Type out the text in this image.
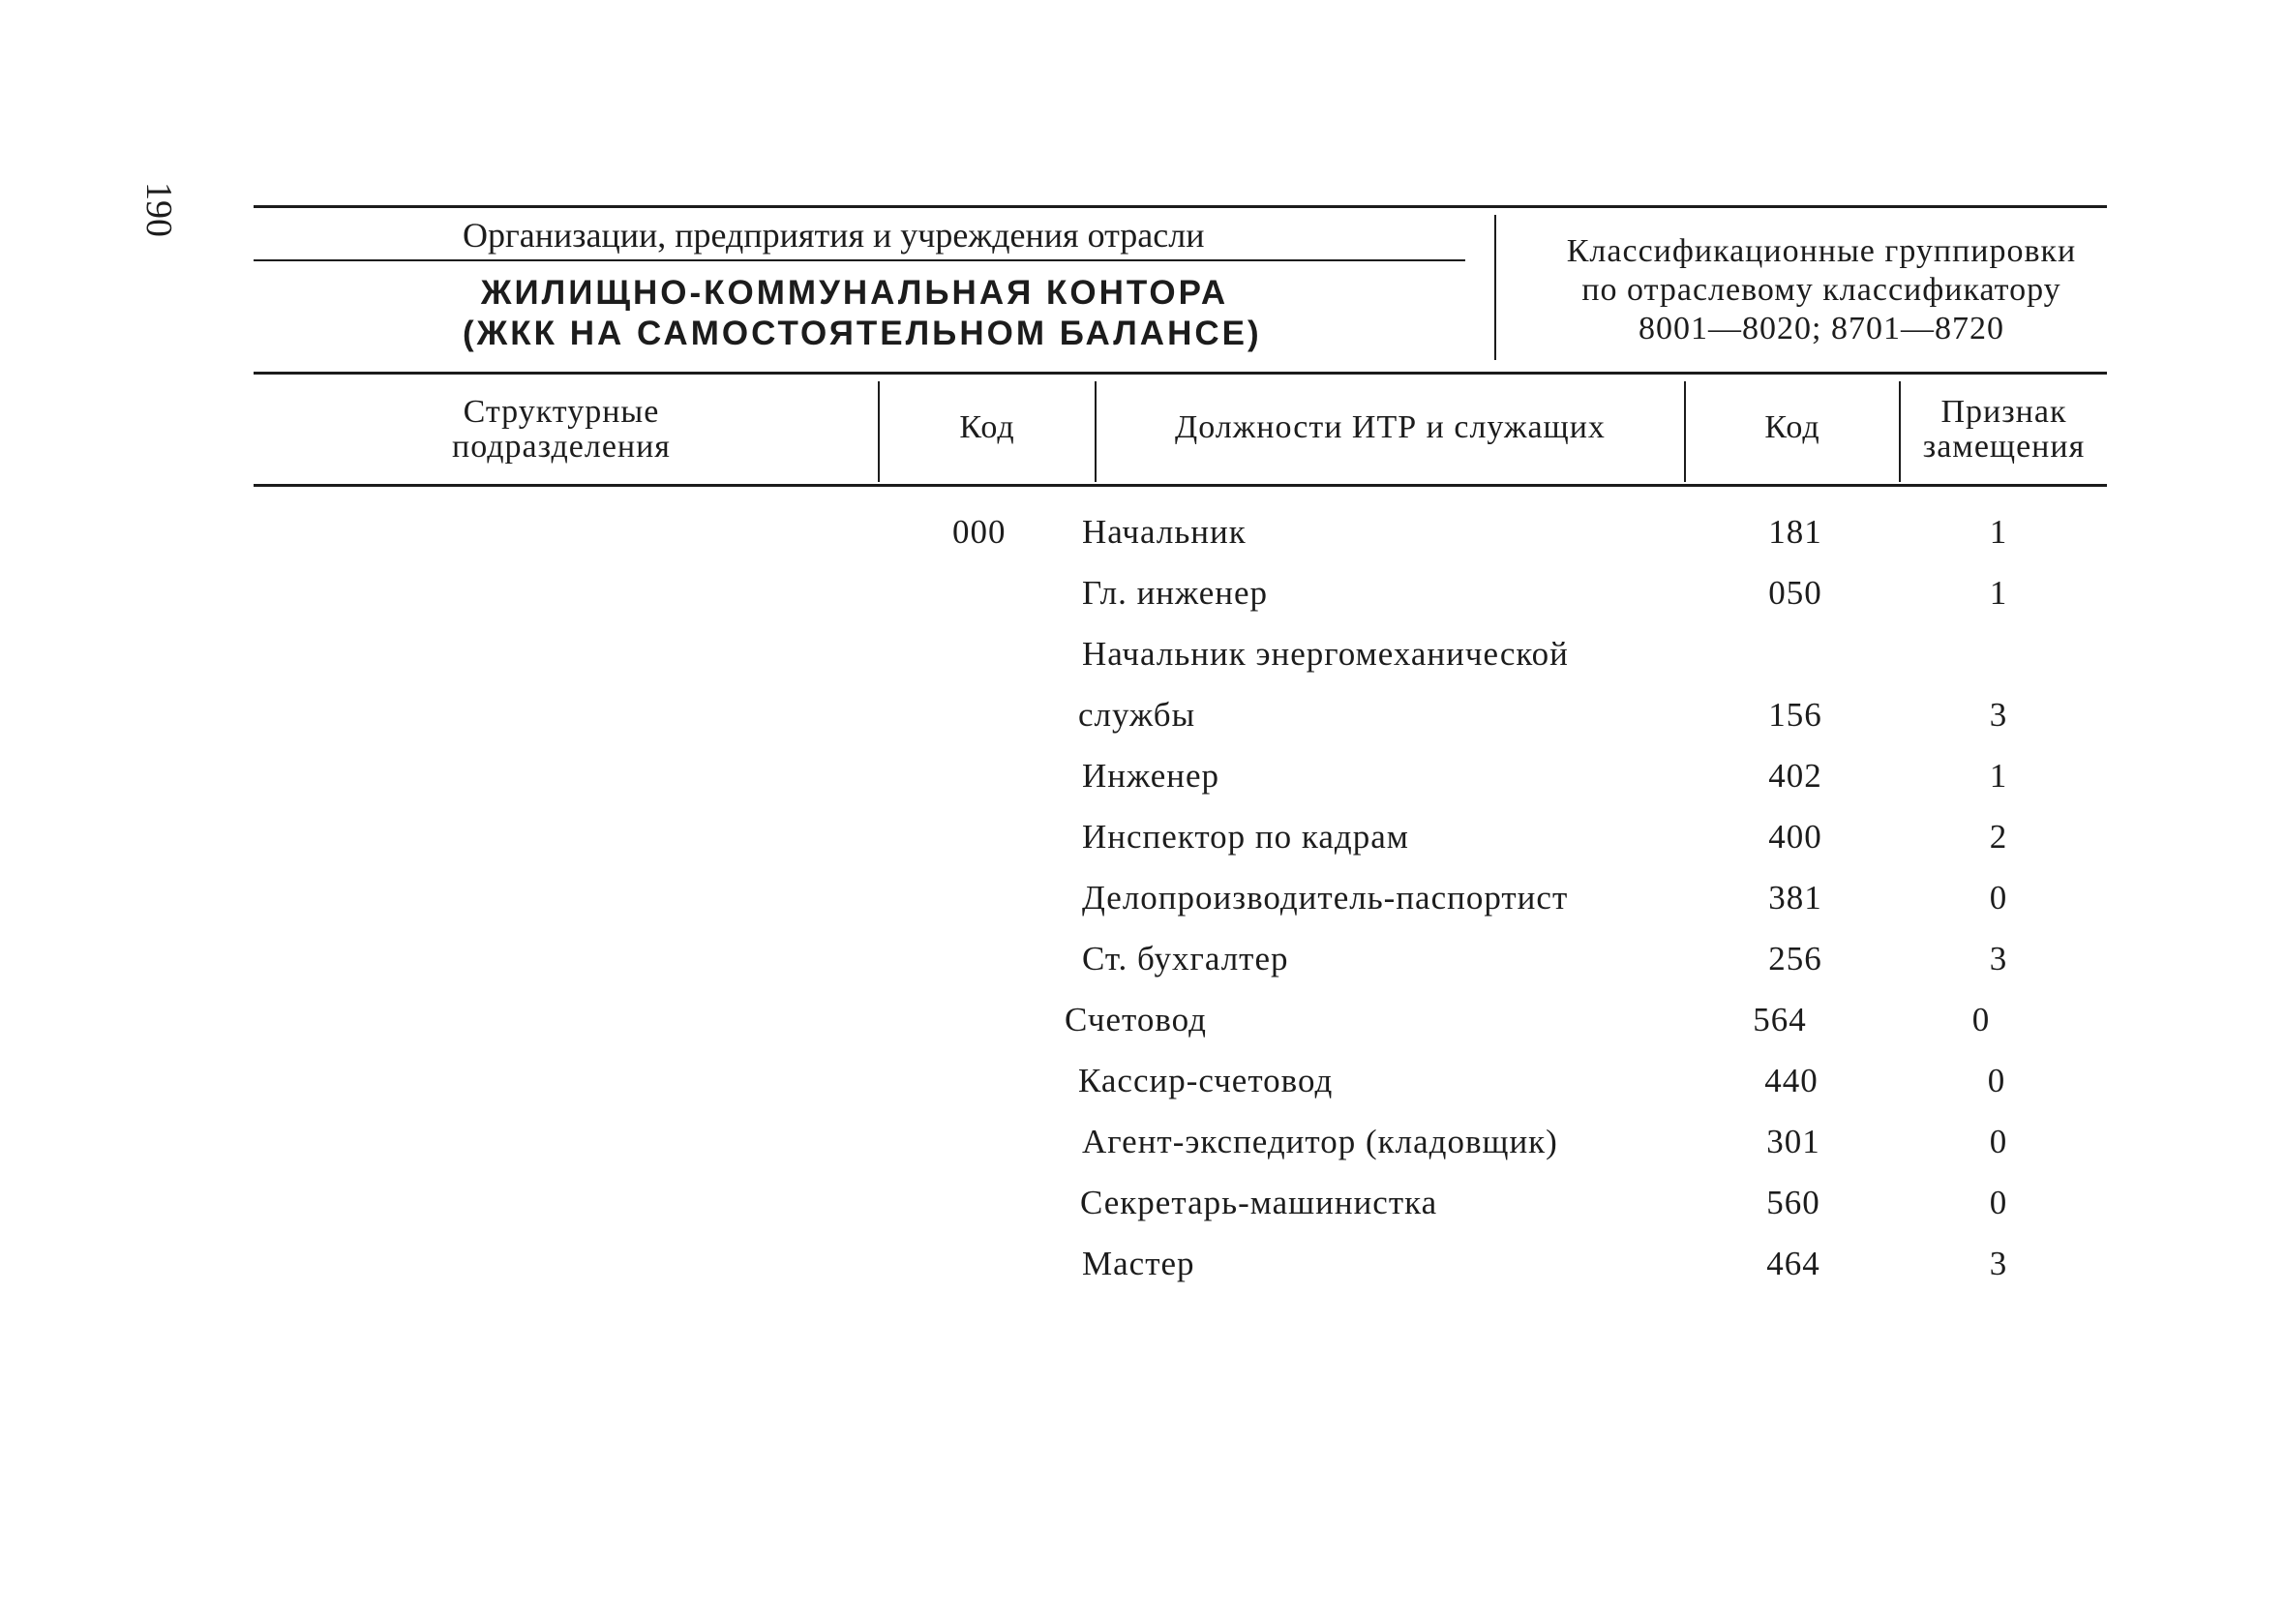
190	Организации, предприятия и учреждения отрасли
ЖИЛИЩНО-КОММУНАЛЬНАЯ КОНТОРА
(ЖКК НА САМОСТОЯТЕЛЬНОМ БАЛАНСЕ)
Классификационные группировки
по отраслевому классификатору
8001—8020; 8701—8720
Структурные
подразделения
Код	Должности ИТР и служащих	Код	Признак
замещения
000 Начальник	181	1
Гл. инженер	050	1
Начальник энергомеханической
службы	156	3
Инженер	402	1
Инспектор по кадрам	400	2
Делопроизводитель-паспортист	381	0
Ст. бухгалтер	256	3
Счетовод	564	0
Кассир-счетовод	440	0
Агент-экспедитор (кладовщик)	301	0
Секретарь-машинистка	560	0
Мастер	464	3
